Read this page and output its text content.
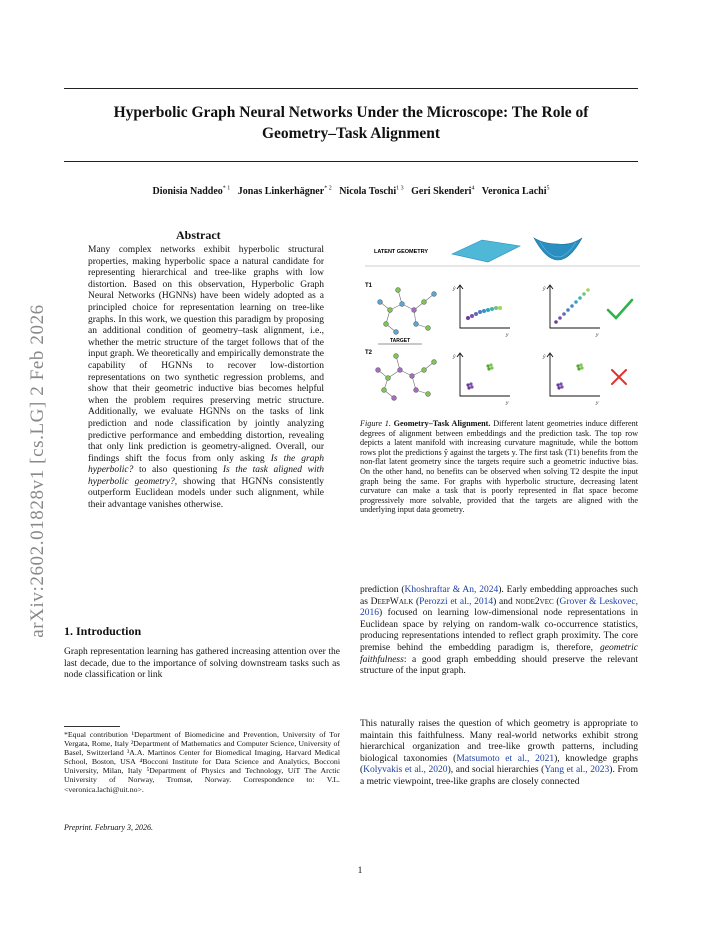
arXiv:2602.01828v1 [cs.LG] 2 Feb 2026
Hyperbolic Graph Neural Networks Under the Microscope: The Role of
Geometry–Task Alignment
Dionisia Naddeo$^{* 1}$ Jonas Linkerhägner$^{* 2}$ Nicola Toschi$^{1 3}$ Geri Skenderi$^4$ Veronica Lachi$^5$
Abstract
Many complex networks exhibit hyperbolic structural properties, making hyperbolic space a natural candidate for representing hierarchical and tree-like graphs with low distortion. Based on this observation, Hyperbolic Graph Neural Networks (HGNNs) have been widely adopted as a principled choice for representation learning on tree-like graphs. In this work, we question this paradigm by proposing an additional condition of geometry–task alignment, i.e., whether the metric structure of the target follows that of the input graph. We theoretically and empirically demonstrate the capability of HGNNs to recover low-distortion representations on two synthetic regression problems, and show that their geometric inductive bias becomes helpful when the problem requires preserving metric structure. Additionally, we evaluate HGNNs on the tasks of link prediction and node classification by jointly analyzing predictive performance and embedding distortion, revealing that only link prediction is geometry-aligned. Overall, our findings shift the focus from only asking Is the graph hyperbolic? to also questioning Is the task aligned with hyperbolic geometry?, showing that HGNNs consistently outperform Euclidean models under such alignment, while their advantage vanishes otherwise.
1. Introduction
Graph representation learning has gathered increasing attention over the last decade, due to the importance of solving downstream tasks such as node classification or link
*Equal contribution ¹Department of Biomedicine and Prevention, University of Tor Vergata, Rome, Italy ²Department of Mathematics and Computer Science, University of Basel, Switzerland ³A.A. Martinos Center for Biomedical Imaging, Harvard Medical School, Boston, USA ⁴Bocconi Institute for Data Science and Analytics, Bocconi University, Milan, Italy ⁵Department of Physics and Technology, UiT The Arctic University of Norway, Tromsø, Norway. Correspondence to: V.L. <veronica.lachi@uit.no>.
Preprint. February 3, 2026.
LATENT GEOMETRY
T1
T2
TARGET
ŷ
y
ŷ
y
ŷ
y
ŷ
y
Figure 1. Geometry–Task Alignment. Different latent geometries induce different degrees of alignment between embeddings and the prediction task. The top row depicts a latent manifold with increasing curvature magnitude, while the bottom rows plot the predictions ŷ against the targets y. The first task (T1) benefits from the non-flat latent geometry since the targets require such a geometric inductive bias. On the other hand, no benefits can be observed when solving T2 despite the input graph being the same. For graphs with hyperbolic structure, decreasing latent curvature can make a task that is poorly represented in flat space become progressively more solvable, provided that the targets are aligned with the underlying input data geometry.
prediction (Khoshraftar & An, 2024). Early embedding approaches such as DeepWalk (Perozzi et al., 2014) and node2vec (Grover & Leskovec, 2016) focused on learning low-dimensional node representations in Euclidean space by relying on random-walk co-occurrence statistics, producing representations intended to reflect graph proximity. The core premise behind the embedding paradigm is, therefore, geometric faithfulness: a good graph embedding should preserve the relevant structure of the input graph.
This naturally raises the question of which geometry is appropriate to maintain this faithfulness. Many real-world networks exhibit strong hierarchical organization and tree-like growth patterns, including biological taxonomies (Matsumoto et al., 2021), knowledge graphs (Kolyvakis et al., 2020), and social hierarchies (Yang et al., 2023). From a metric viewpoint, tree-like graphs are closely connected
1
